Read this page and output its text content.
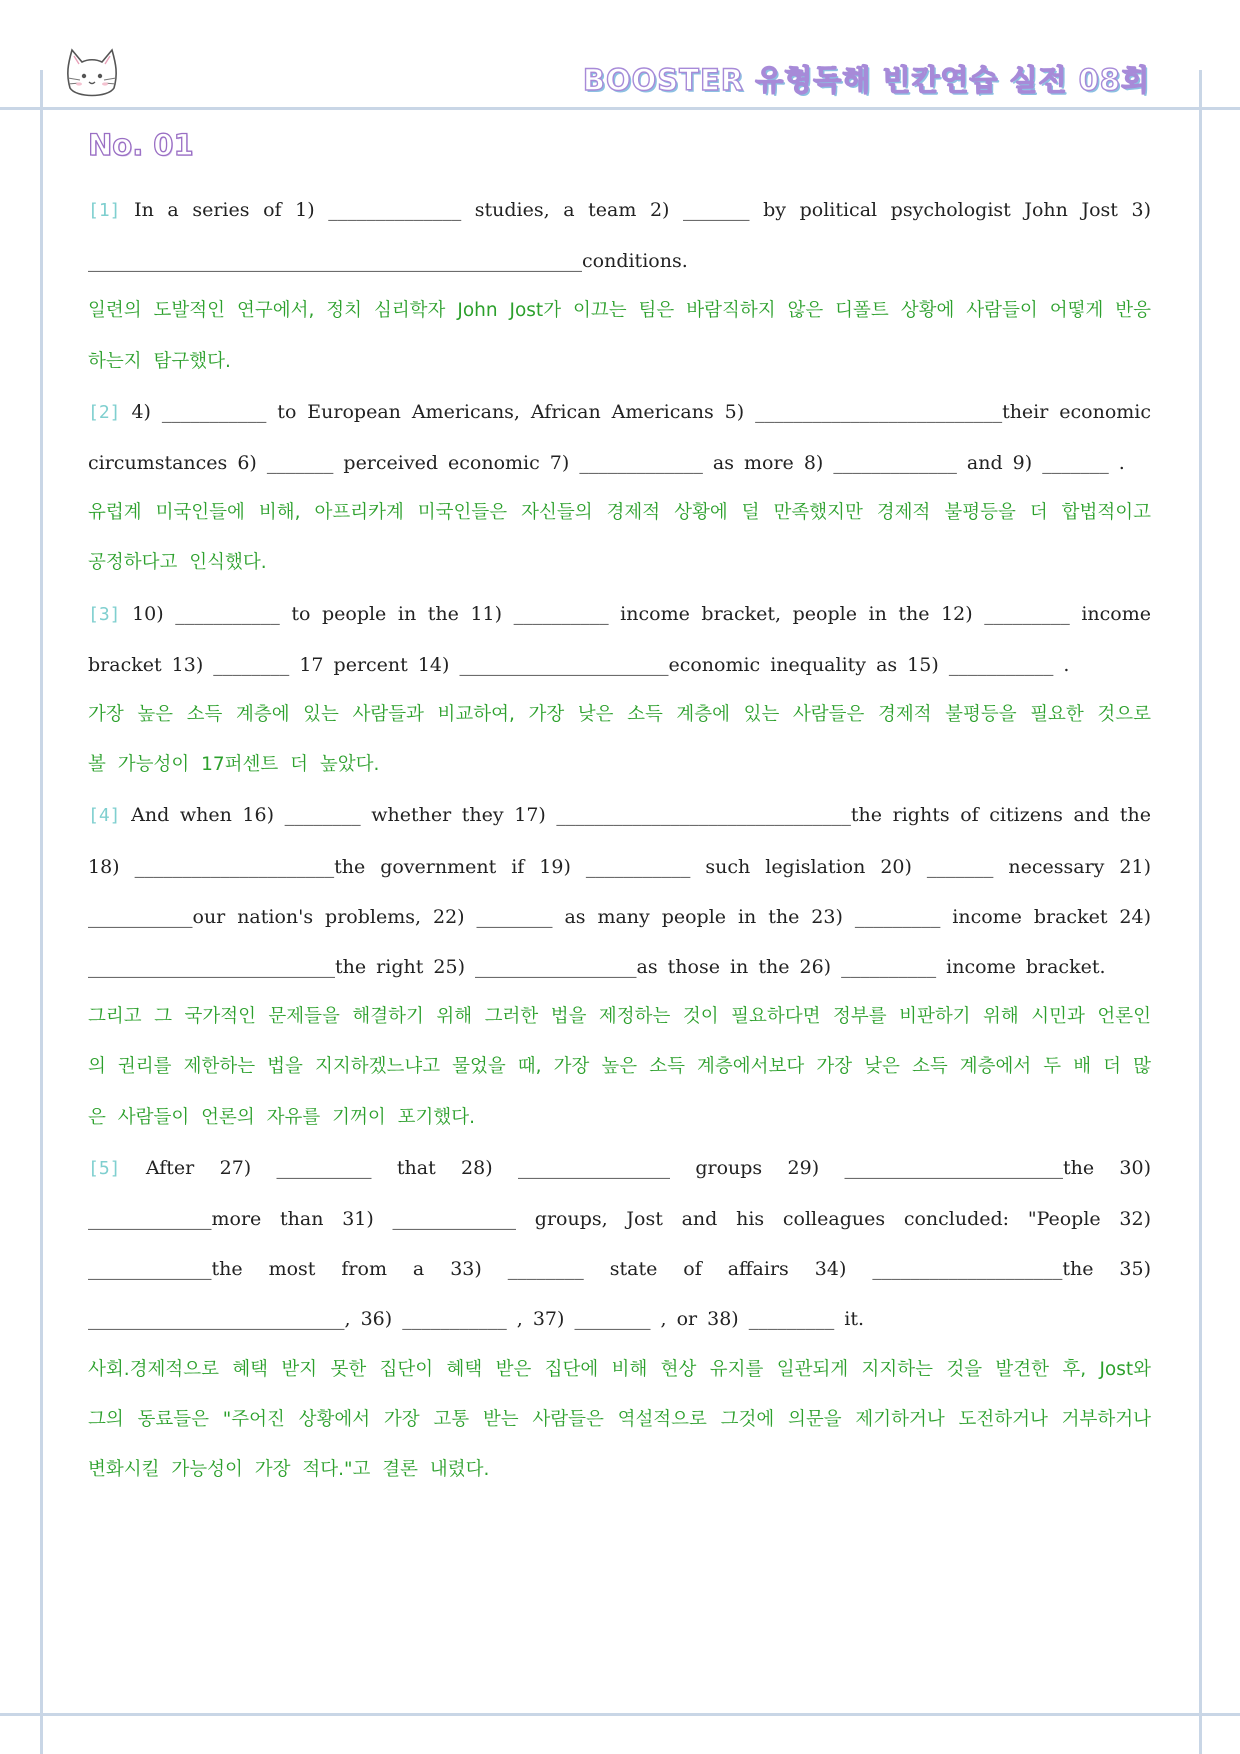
BOOSTER 유형독해 빈칸연습 실전 08회
No. 01

[1] In a series of 1) ______________ studies, a team 2) _______ by political psychologist John Jost 3) ____________________________________________________conditions.

일련의 도발적인 연구에서, 정치 심리학자 John Jost가 이끄는 팀은 바람직하지 않은 디폴트 상황에 사람들이 어떻게 반응하는지 탐구했다.

[2] 4) ___________ to European Americans, African Americans 5) __________________________their economic circumstances 6) _______ perceived economic 7) _____________ as more 8) _____________ and 9) _______ .

유럽계 미국인들에 비해, 아프리카계 미국인들은 자신들의 경제적 상황에 덜 만족했지만 경제적 불평등을 더 합법적이고 공정하다고 인식했다.

[3] 10) ___________ to people in the 11) __________ income bracket, people in the 12) _________ income bracket 13) ________ 17 percent 14) ______________________economic inequality as 15) ___________ .

가장 높은 소득 계층에 있는 사람들과 비교하여, 가장 낮은 소득 계층에 있는 사람들은 경제적 불평등을 필요한 것으로 볼 가능성이 17퍼센트 더 높았다.

[4] And when 16) ________ whether they 17) _______________________________the rights of citizens and the 18) _____________________the government if 19) ___________ such legislation 20) _______ necessary 21) ___________our nation's problems, 22) ________ as many people in the 23) _________ income bracket 24) __________________________the right 25) _________________as those in the 26) __________ income bracket.

그리고 그 국가적인 문제들을 해결하기 위해 그러한 법을 제정하는 것이 필요하다면 정부를 비판하기 위해 시민과 언론인의 권리를 제한하는 법을 지지하겠느냐고 물었을 때, 가장 높은 소득 계층에서보다 가장 낮은 소득 계층에서 두 배 더 많은 사람들이 언론의 자유를 기꺼이 포기했다.

[5] After 27) __________ that 28) ________________ groups 29) _______________________the 30) _____________more than 31) _____________ groups, Jost and his colleagues concluded: "People 32) _____________the most from a 33) ________ state of affairs 34) ____________________the 35) ___________________________, 36) ___________ , 37) ________ , or 38) _________ it.

사회.경제적으로 혜택 받지 못한 집단이 혜택 받은 집단에 비해 현상 유지를 일관되게 지지하는 것을 발견한 후, Jost와 그의 동료들은 "주어진 상황에서 가장 고통 받는 사람들은 역설적으로 그것에 의문을 제기하거나 도전하거나 거부하거나 변화시킬 가능성이 가장 적다."고 결론 내렸다.
